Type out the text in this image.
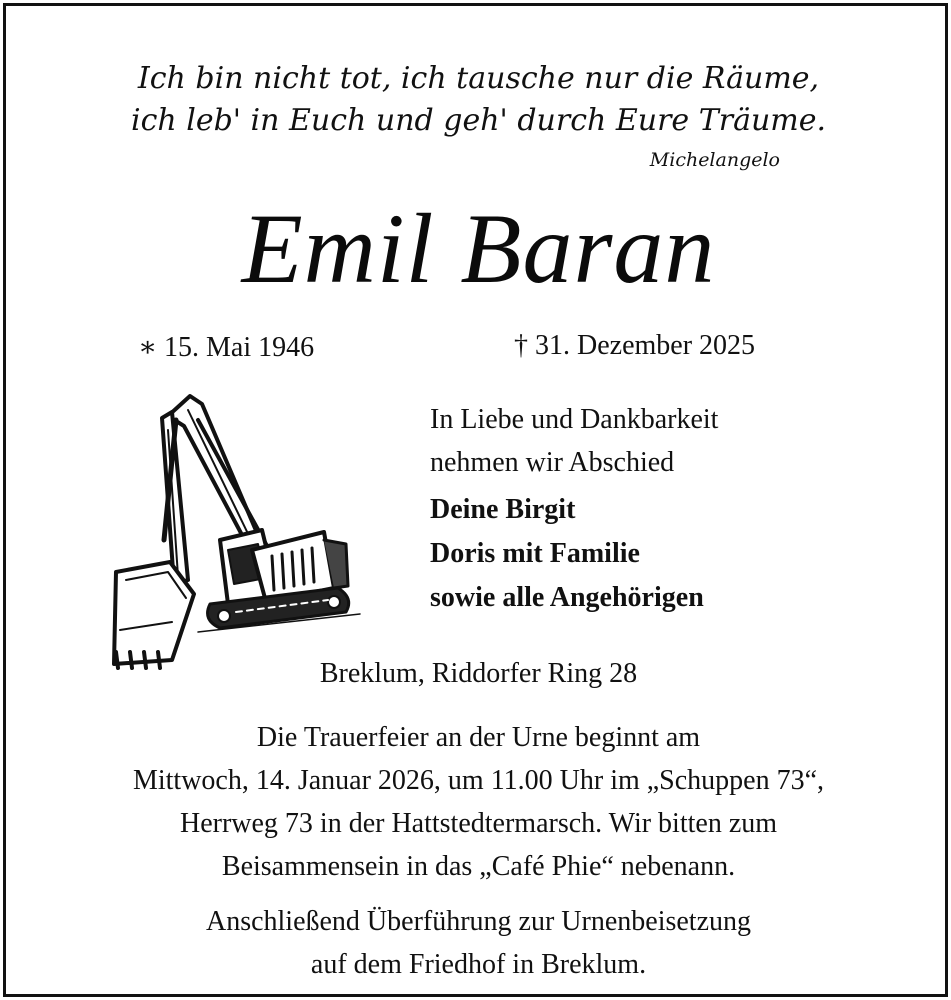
Ich bin nicht tot, ich tausche nur die Räume,
ich leb' in Euch und geh' durch Eure Träume.
Michelangelo
Emil Baran
∗ 15. Mai 1946	† 31. Dezember 2025
In Liebe und Dankbarkeit
nehmen wir Abschied
Deine Birgit
Doris mit Familie
sowie alle Angehörigen
Breklum, Riddorfer Ring 28
Die Trauerfeier an der Urne beginnt am
Mittwoch, 14. Januar 2026, um 11.00 Uhr im „Schuppen 73“,
Herrweg 73 in der Hattstedtermarsch. Wir bitten zum
Beisammensein in das „Café Phie“ nebenann.
Anschließend Überführung zur Urnenbeisetzung
auf dem Friedhof in Breklum.
